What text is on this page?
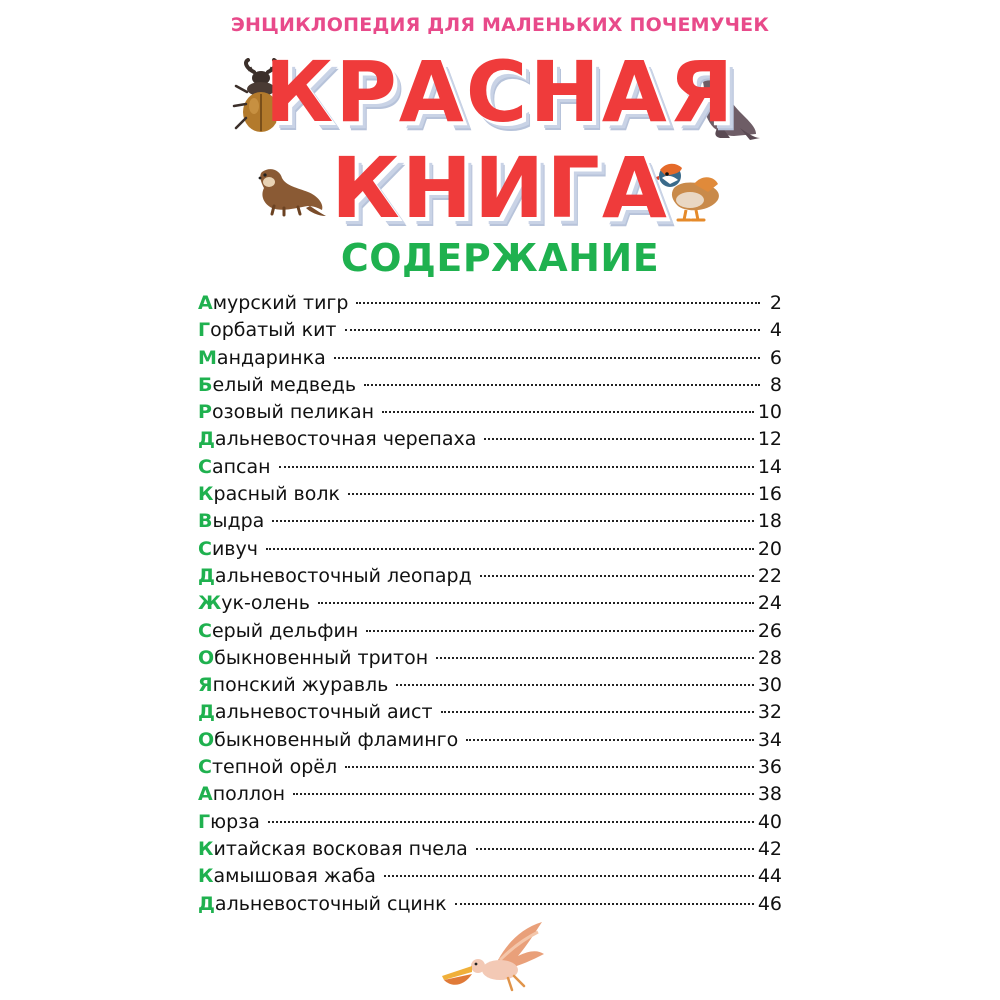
ЭНЦИКЛОПЕДИЯ ДЛЯ МАЛЕНЬКИХ ПОЧЕМУЧЕК
КРАСНАЯ
КНИГА
СОДЕРЖАНИЕ
А мурский тигр	2
Г орбатый кит	4
М андаринка	6
Б елый медведь	8
Р озовый пеликан	10
Д альневосточная черепаха	12
С апсан	14
К расный волк	16
В ыдра	18
С ивуч	20
Д альневосточный леопард	22
Ж ук-олень	24
С ерый дельфин	26
О быкновенный тритон	28
Я понский журавль	30
Д альневосточный аист	32
О быкновенный фламинго	34
С тепной орёл	36
А поллон	38
Г юрза	40
К итайская восковая пчела	42
К амышовая жаба	44
Д альневосточный сцинк	46
